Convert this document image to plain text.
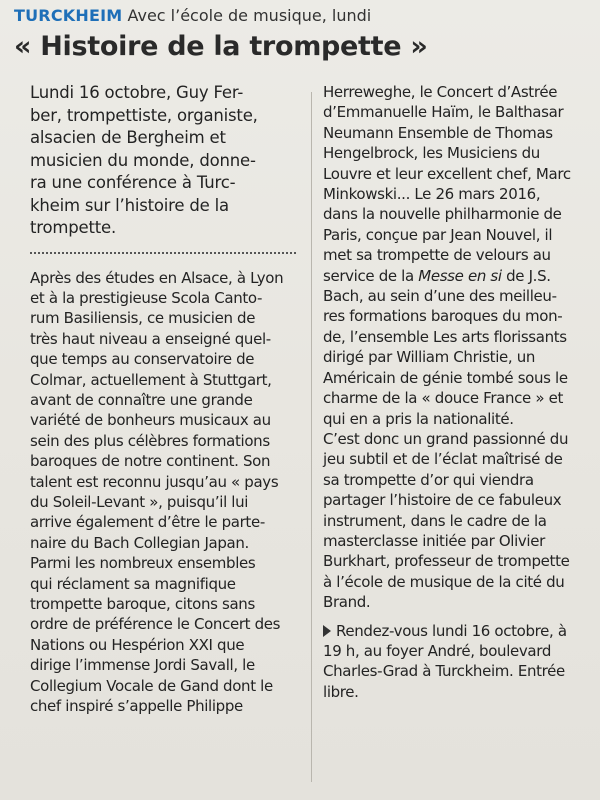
TURCKHEIM Avec l’école de musique, lundi
« Histoire de la trompette »
Lundi 16 octobre, Guy Fer-
ber, trompettiste, organiste,
alsacien de Bergheim et
musicien du monde, donne-
ra une conférence à Turc-
kheim sur l’histoire de la
trompette.
Après des études en Alsace, à Lyon
et à la prestigieuse Scola Canto-
rum Basiliensis, ce musicien de
très haut niveau a enseigné quel-
que temps au conservatoire de
Colmar, actuellement à Stuttgart,
avant de connaître une grande
variété de bonheurs musicaux au
sein des plus célèbres formations
baroques de notre continent. Son
talent est reconnu jusqu’au « pays
du Soleil-Levant », puisqu’il lui
arrive également d’être le parte-
naire du Bach Collegian Japan.
Parmi les nombreux ensembles
qui réclament sa magnifique
trompette baroque, citons sans
ordre de préférence le Concert des
Nations ou Hespérion XXI que
dirige l’immense Jordi Savall, le
Collegium Vocale de Gand dont le
chef inspiré s’appelle Philippe
Herreweghe, le Concert d’Astrée
d’Emmanuelle Haïm, le Balthasar
Neumann Ensemble de Thomas
Hengelbrock, les Musiciens du
Louvre et leur excellent chef, Marc
Minkowski... Le 26 mars 2016,
dans la nouvelle philharmonie de
Paris, conçue par Jean Nouvel, il
met sa trompette de velours au
service de la Messe en si de J.S.
Bach, au sein d’une des meilleu-
res formations baroques du mon-
de, l’ensemble Les arts florissants
dirigé par William Christie, un
Américain de génie tombé sous le
charme de la « douce France » et
qui en a pris la nationalité.
C’est donc un grand passionné du
jeu subtil et de l’éclat maîtrisé de
sa trompette d’or qui viendra
partager l’histoire de ce fabuleux
instrument, dans le cadre de la
masterclasse initiée par Olivier
Burkhart, professeur de trompette
à l’école de musique de la cité du
Brand.
Rendez-vous lundi 16 octobre, à
19 h, au foyer André, boulevard
Charles-Grad à Turckheim. Entrée
libre.
